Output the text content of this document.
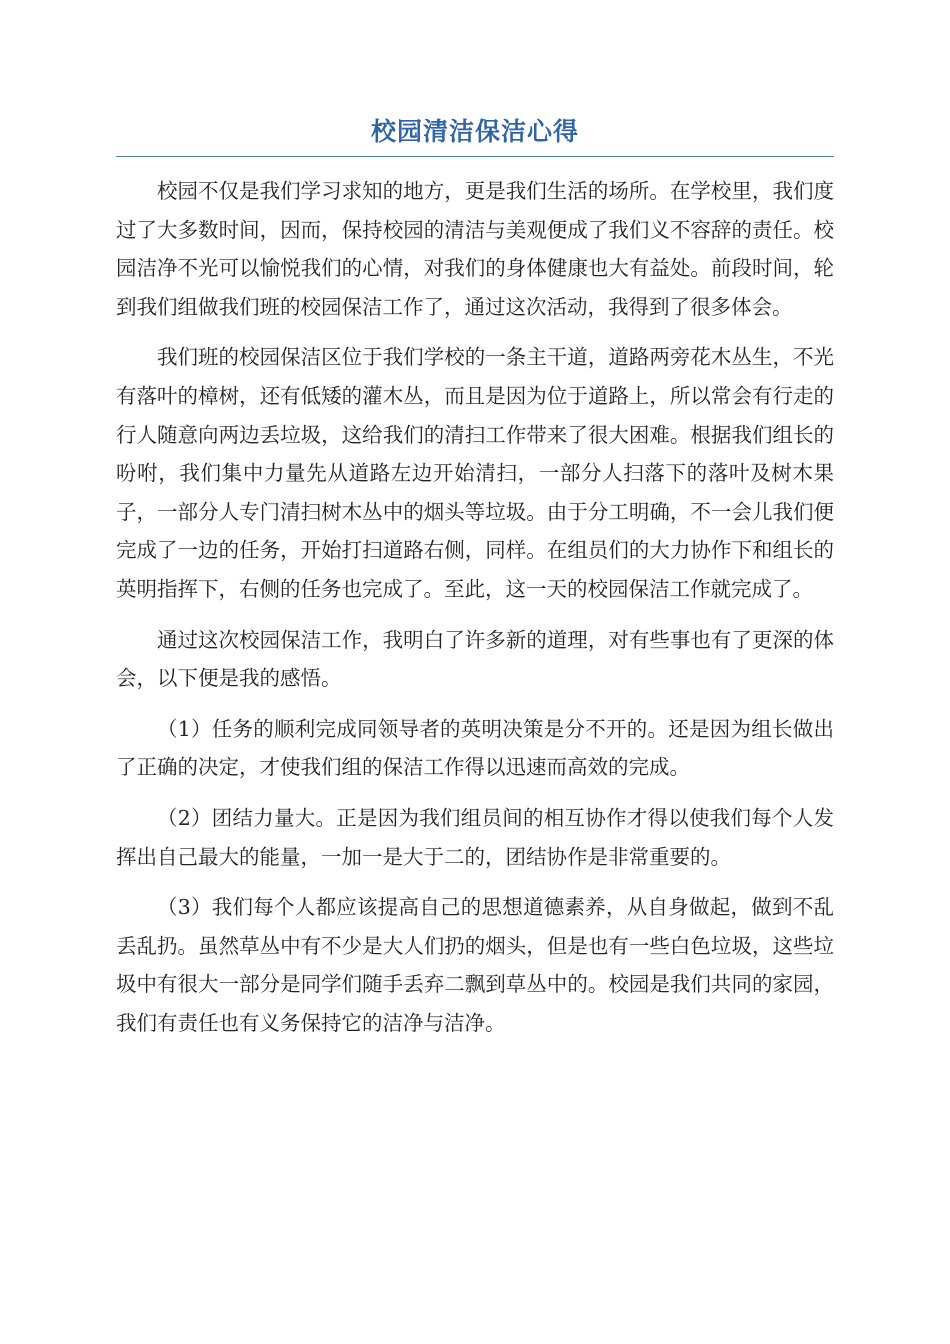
校园清洁保洁心得

校园不仅是我们学习求知的地方，更是我们生活的场所。在学校里，我们度过了大多数时间，因而，保持校园的清洁与美观便成了我们义不容辞的责任。校园洁净不光可以愉悦我们的心情，对我们的身体健康也大有益处。前段时间，轮到我们组做我们班的校园保洁工作了，通过这次活动，我得到了很多体会。

我们班的校园保洁区位于我们学校的一条主干道，道路两旁花木丛生，不光有落叶的樟树，还有低矮的灌木丛，而且是因为位于道路上，所以常会有行走的行人随意向两边丢垃圾，这给我们的清扫工作带来了很大困难。根据我们组长的吩咐，我们集中力量先从道路左边开始清扫，一部分人扫落下的落叶及树木果子，一部分人专门清扫树木丛中的烟头等垃圾。由于分工明确，不一会儿我们便完成了一边的任务，开始打扫道路右侧，同样。在组员们的大力协作下和组长的英明指挥下，右侧的任务也完成了。至此，这一天的校园保洁工作就完成了。

通过这次校园保洁工作，我明白了许多新的道理，对有些事也有了更深的体会，以下便是我的感悟。

（1）任务的顺利完成同领导者的英明决策是分不开的。还是因为组长做出了正确的决定，才使我们组的保洁工作得以迅速而高效的完成。

（2）团结力量大。正是因为我们组员间的相互协作才得以使我们每个人发挥出自己最大的能量，一加一是大于二的，团结协作是非常重要的。

（3）我们每个人都应该提高自己的思想道德素养，从自身做起，做到不乱丢乱扔。虽然草丛中有不少是大人们扔的烟头，但是也有一些白色垃圾，这些垃圾中有很大一部分是同学们随手丢弃二飘到草丛中的。校园是我们共同的家园，我们有责任也有义务保持它的洁净与洁净。
